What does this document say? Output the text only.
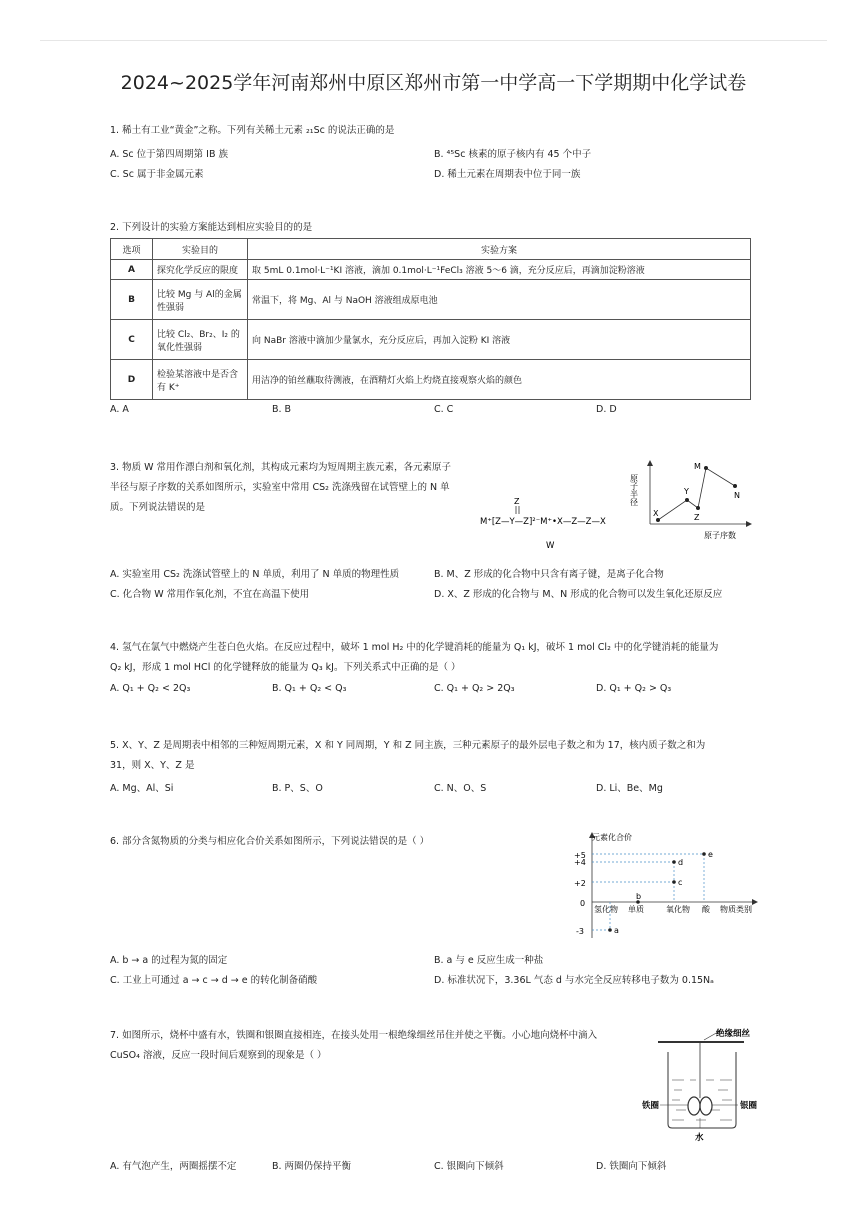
2024~2025学年河南郑州中原区郑州市第一中学高一下学期期中化学试卷
1. 稀土有工业“黄金”之称。下列有关稀土元素 ₂₁Sc 的说法正确的是
A. Sc 位于第四周期第 IB 族	B. ⁴⁵Sc 核素的原子核内有 45 个中子
C. Sc 属于非金属元素	D. 稀土元素在周期表中位于同一族
2. 下列设计的实验方案能达到相应实验目的的是
选项	实验目的	实验方案
A	探究化学反应的限度	取 5mL 0.1mol·L⁻¹KI 溶液，滴加 0.1mol·L⁻¹FeCl₃ 溶液 5～6 滴，充分反应后，再滴加淀粉溶液
B	比较 Mg 与 Al的金属性强弱	常温下，将 Mg、Al 与 NaOH 溶液组成原电池
C	比较 Cl₂、Br₂、I₂ 的氧化性强弱	向 NaBr 溶液中滴加少量氯水，充分反应后，再加入淀粉 KI 溶液
D	检验某溶液中是否含有 K⁺	用洁净的铂丝蘸取待测液，在酒精灯火焰上灼烧直接观察火焰的颜色
A. A	B. B	C. C	D. D
3. 物质 W 常用作漂白剂和氧化剂，其构成元素均为短周期主族元素，各元素原子
半径与原子序数的关系如图所示，实验室中常用 CS₂ 洗涤残留在试管壁上的 N 单
质。下列说法错误的是
Z
M⁺[Z—Y—Z]²⁻M⁺•X—Z—Z—X
W
原子半径
原子序数
X
Y
Z
M
N
A. 实验室用 CS₂ 洗涤试管壁上的 N 单质，利用了 N 单质的物理性质	B. M、Z 形成的化合物中只含有离子键，是离子化合物
C. 化合物 W 常用作氧化剂，不宜在高温下使用	D. X、Z 形成的化合物与 M、N 形成的化合物可以发生氧化还原反应
4. 氢气在氯气中燃烧产生苍白色火焰。在反应过程中，破坏 1 mol H₂ 中的化学键消耗的能量为 Q₁ kJ，破坏 1 mol Cl₂ 中的化学键消耗的能量为
Q₂ kJ，形成 1 mol HCl 的化学键释放的能量为 Q₃ kJ。下列关系式中正确的是（ ）
A. Q₁ + Q₂ < 2Q₃	B. Q₁ + Q₂ < Q₃	C. Q₁ + Q₂ > 2Q₃	D. Q₁ + Q₂ > Q₃
5. X、Y、Z 是周期表中相邻的三种短周期元素，X 和 Y 同周期，Y 和 Z 同主族，三种元素原子的最外层电子数之和为 17，核内质子数之和为
31，则 X、Y、Z 是
A. Mg、Al、Si	B. P、S、O	C. N、O、S	D. Li、Be、Mg
6. 部分含氮物质的分类与相应化合价关系如图所示，下列说法错误的是（ ）	元素化合价
+5
+4
+2
0
-3
氢化物 单质	氧化物 酸 物质类别
a
b
c
d
e
A. b → a 的过程为氮的固定	B. a 与 e 反应生成一种盐
C. 工业上可通过 a → c → d → e 的转化制备硝酸	D. 标准状况下，3.36L 气态 d 与水完全反应转移电子数为 0.15Nₐ
7. 如图所示，烧杯中盛有水，铁圈和银圈直接相连，在接头处用一根绝缘细丝吊住并使之平衡。小心地向烧杯中滴入
CuSO₄ 溶液，反应一段时间后观察到的现象是（ ）
绝缘细丝
铁圈	银圈
水
A. 有气泡产生，两圈摇摆不定	B. 两圈仍保持平衡	C. 银圈向下倾斜	D. 铁圈向下倾斜
